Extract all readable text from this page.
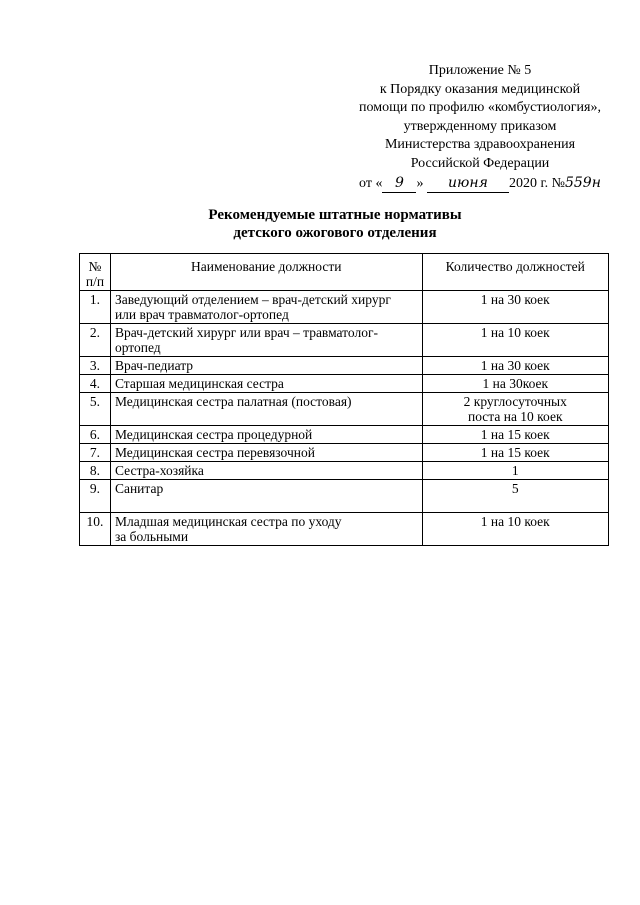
Приложение № 5
к Порядку оказания медицинской
помощи по профилю «комбустиология»,
утвержденному приказом
Министерства здравоохранения
Российской Федерации
от « 9 » июня 2020 г. №559н
Рекомендуемые штатные нормативы
детского ожогового отделения
№
п/п	Наименование должности	Количество должностей
1.	Заведующий отделением – врач-детский хирург
или врач травматолог-ортопед	1 на 30 коек
2.	Врач-детский хирург или врач – травматолог-
ортопед	1 на 10 коек
3.	Врач-педиатр	1 на 30 коек
4.	Старшая медицинская сестра	1 на 30коек
5.	Медицинская сестра палатная (постовая)	2 круглосуточных
поста на 10 коек

6.	Медицинская сестра процедурной	1 на 15 коек
7.	Медицинская сестра перевязочной	1 на 15 коек
8.	Сестра-хозяйка	1
9.	Санитар	5
10.	Младшая медицинская сестра по уходу
за больными	1 на 10 коек
